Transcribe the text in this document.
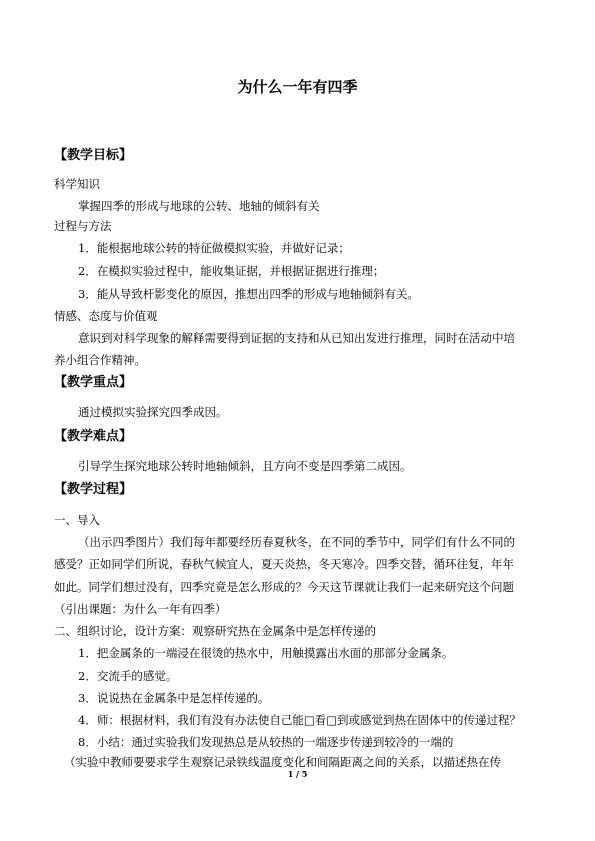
为什么一年有四季
【教学目标】
科学知识
掌握四季的形成与地球的公转、地轴的倾斜有关
过程与方法
1．能根据地球公转的特征做模拟实验，并做好记录；
2．在模拟实验过程中，能收集证据，并根据证据进行推理；
3．能从导致杆影变化的原因，推想出四季的形成与地轴倾斜有关。
情感、态度与价值观
意识到对科学现象的解释需要得到证据的支持和从已知出发进行推理，同时在活动中培
养小组合作精神。
【教学重点】
通过模拟实验探究四季成因。
【教学难点】
引导学生探究地球公转时地轴倾斜，且方向不变是四季第二成因。
【教学过程】
一、导入
（出示四季图片）我们每年都要经历春夏秋冬，在不同的季节中，同学们有什么不同的
感受？正如同学们所说，春秋气候宜人，夏天炎热，冬天寒冷。四季交替，循环往复，年年
如此。同学们想过没有，四季究竟是怎么形成的？今天这节课就让我们一起来研究这个问题
（引出课题：为什么一年有四季）
二、组织讨论，设计方案：观察研究热在金属条中是怎样传递的
1．把金属条的一端浸在很烫的热水中，用触摸露出水面的那部分金属条。
2．交流手的感觉。
3．说说热在金属条中是怎样传递的。
4．师：根据材料，我们有没有办法使自己能□看□到或感觉到热在固体中的传递过程？
8．小结：通过实验我们发现热总是从较热的一端逐步传递到较冷的一端的
（实验中教师要要求学生观察记录铁线温度变化和间隔距离之间的关系，以描述热在传
1 / 5
